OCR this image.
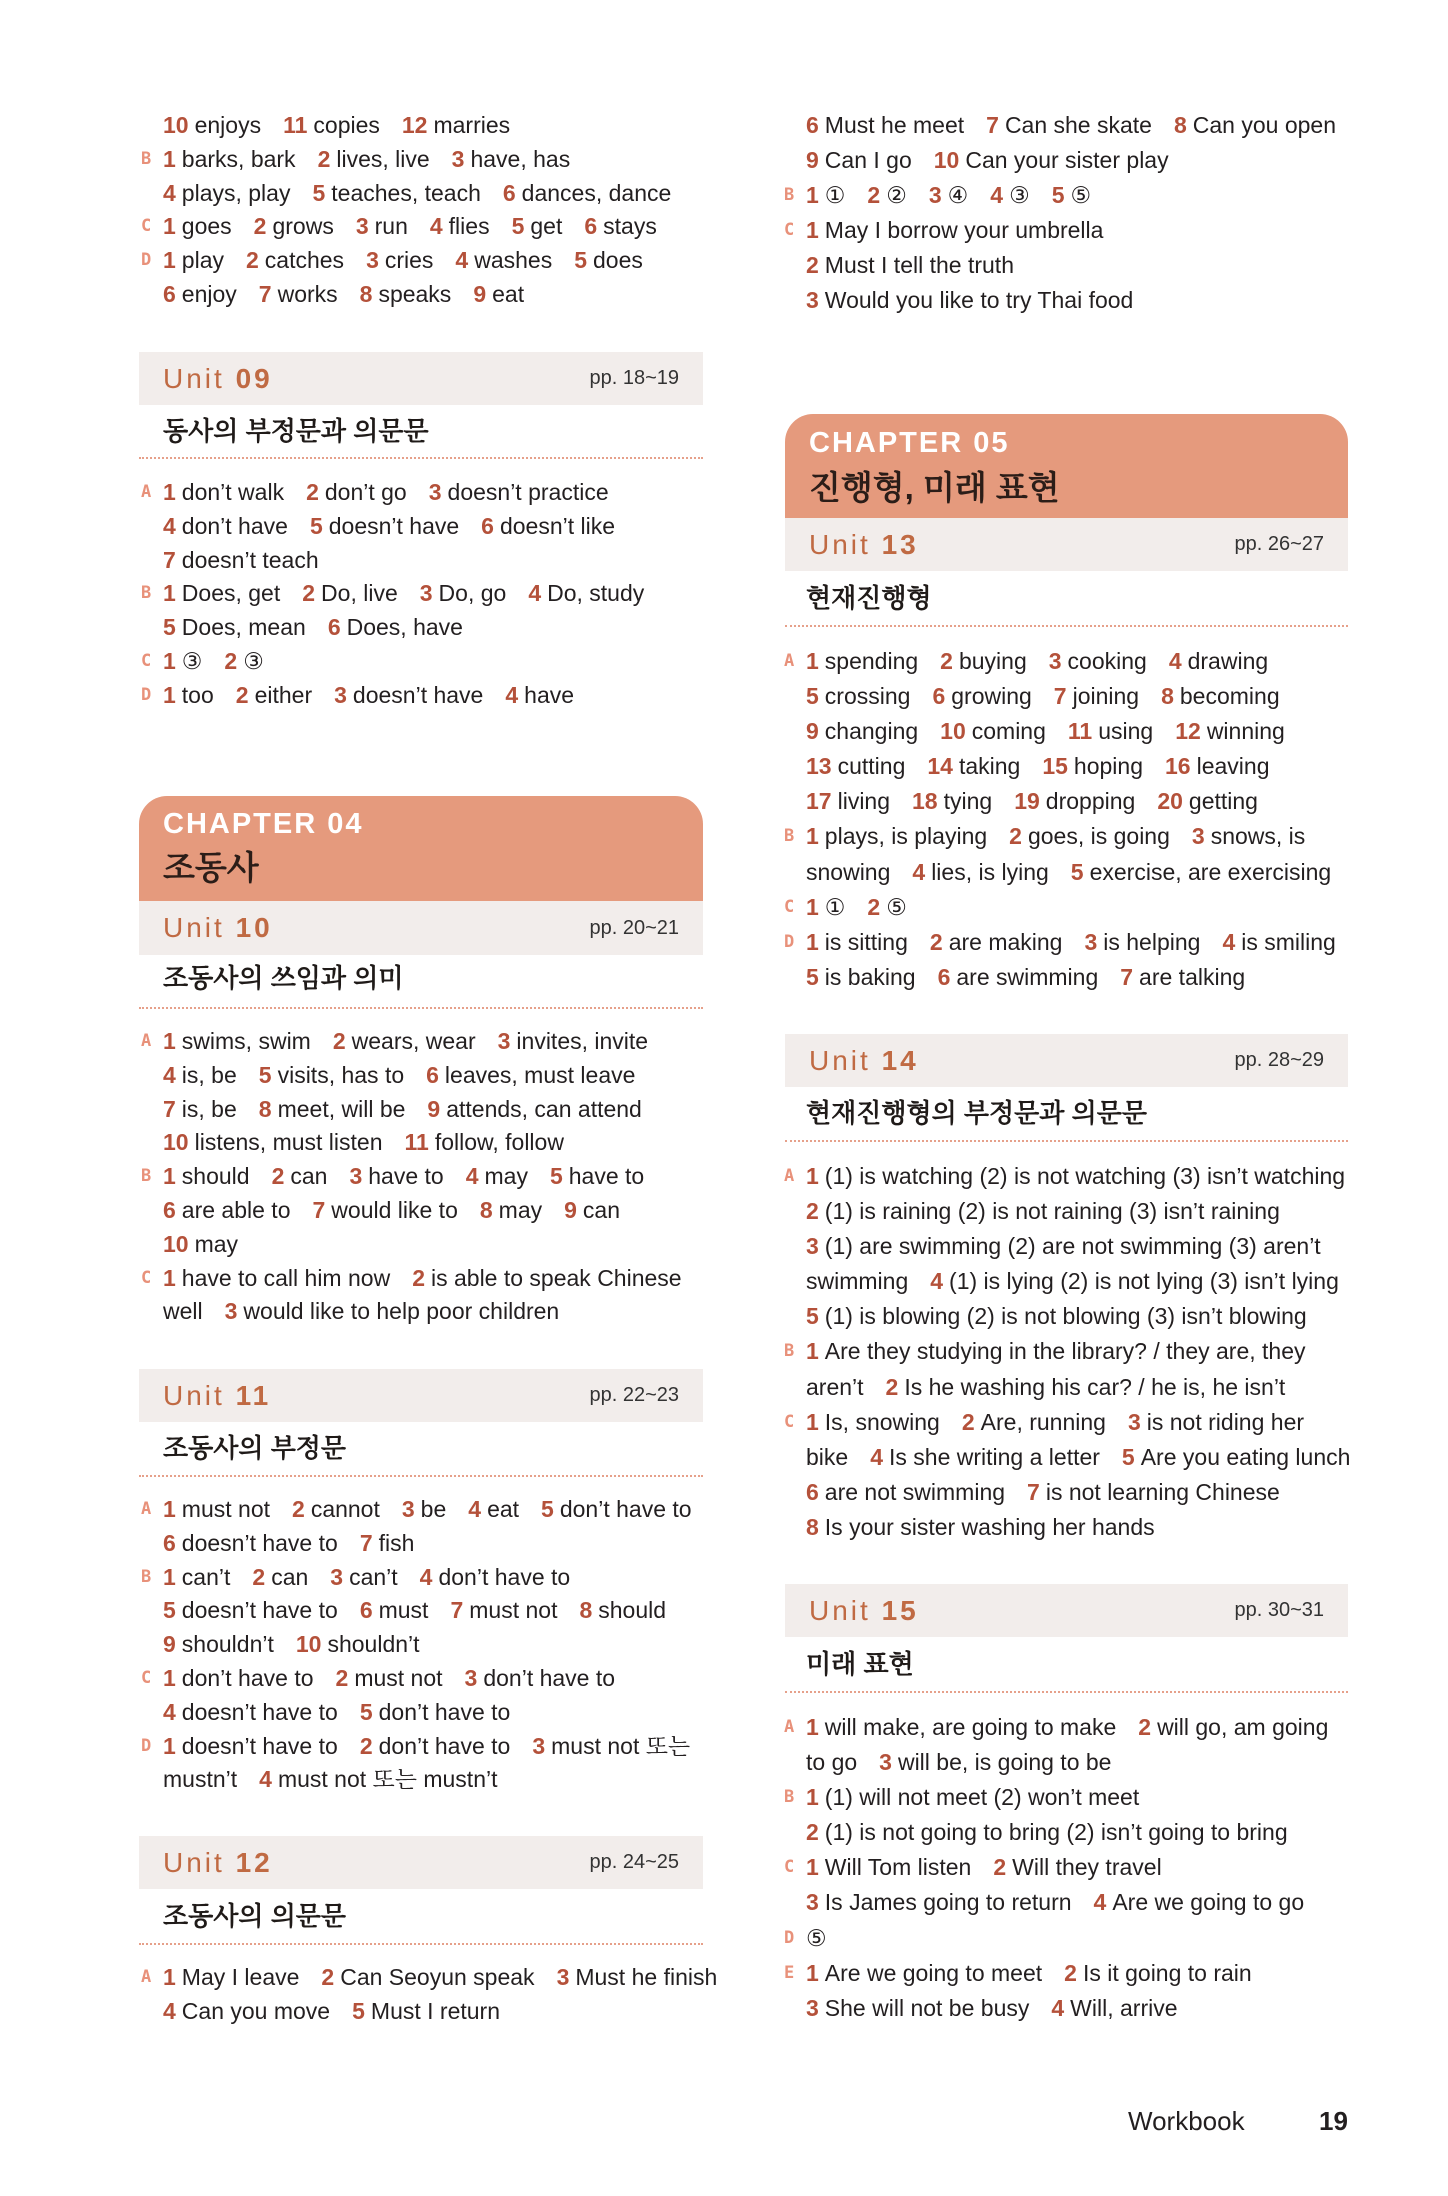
10 enjoys 11 copies 12 marries
B 1 barks, bark 2 lives, live 3 have, has
4 plays, play 5 teaches, teach 6 dances, dance
C 1 goes 2 grows 3 run 4 flies 5 get 6 stays
D 1 play 2 catches 3 cries 4 washes 5 does
6 enjoy 7 works 8 speaks 9 eat
Unit 09	pp. 18~19
동사의 부정문과 의문문
A 1 don’t walk 2 don’t go 3 doesn’t practice
4 don’t have 5 doesn’t have 6 doesn’t like
7 doesn’t teach
B 1 Does, get 2 Do, live 3 Do, go 4 Do, study
5 Does, mean 6 Does, have
C 1 ③ 2 ③
D 1 too 2 either 3 doesn’t have 4 have
CHAPTER 04
조동사
Unit 10	pp. 20~21
조동사의 쓰임과 의미
A 1 swims, swim 2 wears, wear 3 invites, invite
4 is, be 5 visits, has to 6 leaves, must leave
7 is, be 8 meet, will be 9 attends, can attend
10 listens, must listen 11 follow, follow
B 1 should 2 can 3 have to 4 may 5 have to
6 are able to 7 would like to 8 may 9 can
10 may
C 1 have to call him now 2 is able to speak Chinese
well 3 would like to help poor children
Unit 11	pp. 22~23
조동사의 부정문
A 1 must not 2 cannot 3 be 4 eat 5 don’t have to
6 doesn’t have to 7 fish
B 1 can’t 2 can 3 can’t 4 don’t have to
5 doesn’t have to 6 must 7 must not 8 should
9 shouldn’t 10 shouldn’t
C 1 don’t have to 2 must not 3 don’t have to
4 doesn’t have to 5 don’t have to
D 1 doesn’t have to 2 don’t have to 3 must not 또는
mustn’t 4 must not 또는 mustn’t
Unit 12	pp. 24~25
조동사의 의문문
A 1 May I leave 2 Can Seoyun speak 3 Must he finish
4 Can you move 5 Must I return
6 Must he meet 7 Can she skate 8 Can you open
9 Can I go 10 Can your sister play
B 1 ① 2 ② 3 ④ 4 ③ 5 ⑤
C 1 May I borrow your umbrella
2 Must I tell the truth
3 Would you like to try Thai food
CHAPTER 05
진행형, 미래 표현
Unit 13	pp. 26~27
현재진행형
A 1 spending 2 buying 3 cooking 4 drawing
5 crossing 6 growing 7 joining 8 becoming
9 changing 10 coming 11 using 12 winning
13 cutting 14 taking 15 hoping 16 leaving
17 living 18 tying 19 dropping 20 getting
B 1 plays, is playing 2 goes, is going 3 snows, is
snowing 4 lies, is lying 5 exercise, are exercising
C 1 ① 2 ⑤
D 1 is sitting 2 are making 3 is helping 4 is smiling
5 is baking 6 are swimming 7 are talking
Unit 14	pp. 28~29
현재진행형의 부정문과 의문문
A 1 (1) is watching (2) is not watching (3) isn’t watching
2 (1) is raining (2) is not raining (3) isn’t raining
3 (1) are swimming (2) are not swimming (3) aren’t
swimming 4 (1) is lying (2) is not lying (3) isn’t lying
5 (1) is blowing (2) is not blowing (3) isn’t blowing
B 1 Are they studying in the library? / they are, they
aren’t 2 Is he washing his car? / he is, he isn’t
C 1 Is, snowing 2 Are, running 3 is not riding her
bike 4 Is she writing a letter 5 Are you eating lunch
6 are not swimming 7 is not learning Chinese
8 Is your sister washing her hands
Unit 15	pp. 30~31
미래 표현
A 1 will make, are going to make 2 will go, am going
to go 3 will be, is going to be
B 1 (1) will not meet (2) won’t meet
2 (1) is not going to bring (2) isn’t going to bring
C 1 Will Tom listen 2 Will they travel
3 Is James going to return 4 Are we going to go
D ⑤
E 1 Are we going to meet 2 Is it going to rain
3 She will not be busy 4 Will, arrive
Workbook	19
